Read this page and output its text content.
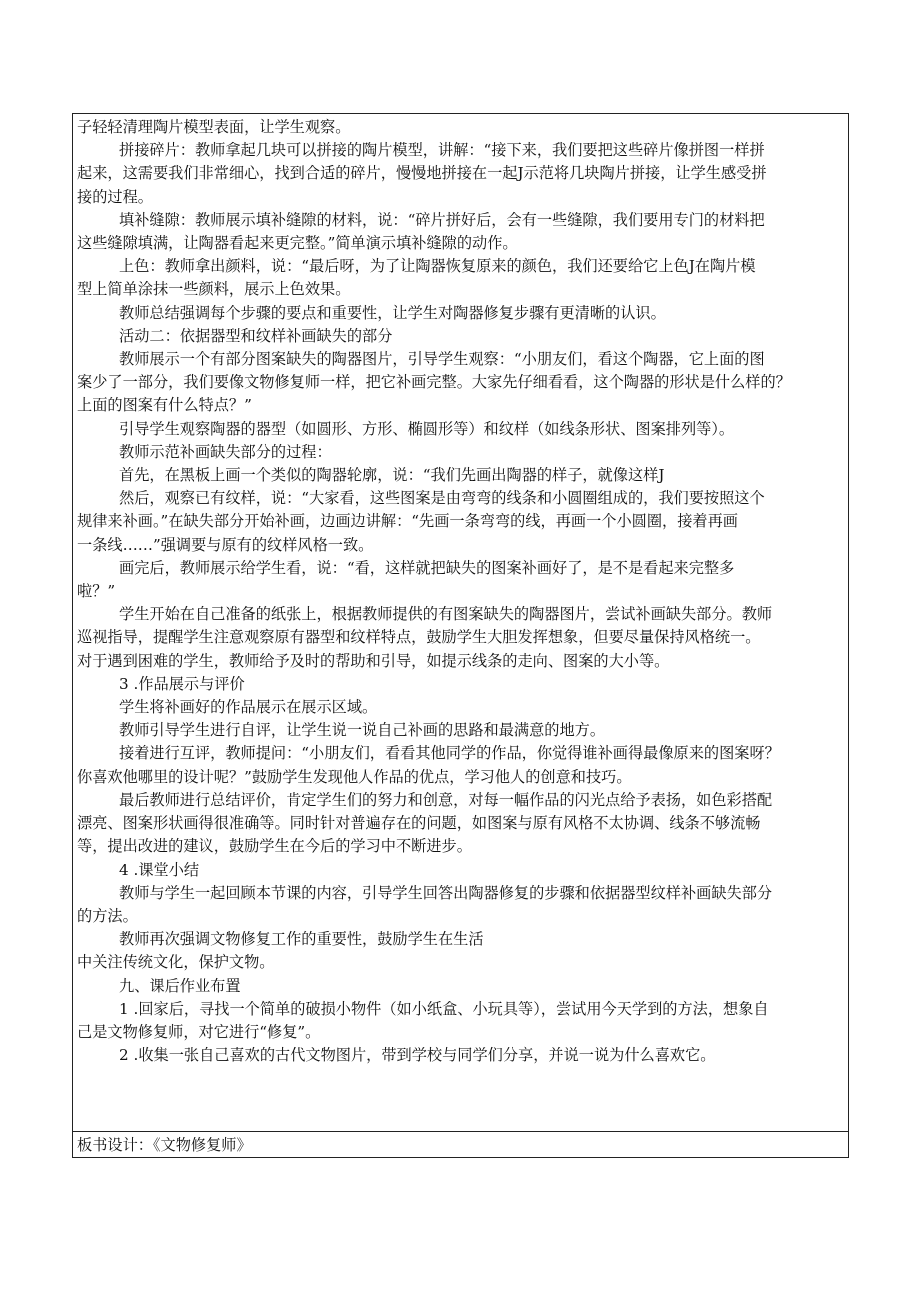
子轻轻清理陶片模型表面，让学生观察。
拼接碎片：教师拿起几块可以拼接的陶片模型，讲解：“接下来，我们要把这些碎片像拼图一样拼
起来，这需要我们非常细心，找到合适的碎片，慢慢地拼接在一起J示范将几块陶片拼接，让学生感受拼
接的过程。
填补缝隙：教师展示填补缝隙的材料，说：“碎片拼好后，会有一些缝隙，我们要用专门的材料把
这些缝隙填满，让陶器看起来更完整。”简单演示填补缝隙的动作。
上色：教师拿出颜料，说：“最后呀，为了让陶器恢复原来的颜色，我们还要给它上色J在陶片模
型上简单涂抹一些颜料，展示上色效果。
教师总结强调每个步骤的要点和重要性，让学生对陶器修复步骤有更清晰的认识。
活动二：依据器型和纹样补画缺失的部分
教师展示一个有部分图案缺失的陶器图片，引导学生观察：“小朋友们，看这个陶器，它上面的图
案少了一部分，我们要像文物修复师一样，把它补画完整。大家先仔细看看，这个陶器的形状是什么样的？
上面的图案有什么特点？”
引导学生观察陶器的器型（如圆形、方形、椭圆形等）和纹样（如线条形状、图案排列等）。
教师示范补画缺失部分的过程：
首先，在黑板上画一个类似的陶器轮廓，说：“我们先画出陶器的样子，就像这样J
然后，观察已有纹样，说：“大家看，这些图案是由弯弯的线条和小圆圈组成的，我们要按照这个
规律来补画。”在缺失部分开始补画，边画边讲解：“先画一条弯弯的线，再画一个小圆圈，接着再画
一条线……”强调要与原有的纹样风格一致。
画完后，教师展示给学生看，说：“看，这样就把缺失的图案补画好了，是不是看起来完整多
啦？”
学生开始在自己准备的纸张上，根据教师提供的有图案缺失的陶器图片，尝试补画缺失部分。教师
巡视指导，提醒学生注意观察原有器型和纹样特点，鼓励学生大胆发挥想象，但要尽量保持风格统一。
对于遇到困难的学生，教师给予及时的帮助和引导，如提示线条的走向、图案的大小等。
3 .作品展示与评价
学生将补画好的作品展示在展示区域。
教师引导学生进行自评，让学生说一说自己补画的思路和最满意的地方。
接着进行互评，教师提问：“小朋友们，看看其他同学的作品，你觉得谁补画得最像原来的图案呀？
你喜欢他哪里的设计呢？”鼓励学生发现他人作品的优点，学习他人的创意和技巧。
最后教师进行总结评价，肯定学生们的努力和创意，对每一幅作品的闪光点给予表扬，如色彩搭配
漂亮、图案形状画得很准确等。同时针对普遍存在的问题，如图案与原有风格不太协调、线条不够流畅
等，提出改进的建议，鼓励学生在今后的学习中不断进步。
4 .课堂小结
教师与学生一起回顾本节课的内容，引导学生回答出陶器修复的步骤和依据器型纹样补画缺失部分
的方法。
教师再次强调文物修复工作的重要性，鼓励学生在生活
中关注传统文化，保护文物。
九、课后作业布置
1 .回家后，寻找一个简单的破损小物件（如小纸盒、小玩具等），尝试用今天学到的方法，想象自
己是文物修复师，对它进行“修复”。
2 .收集一张自己喜欢的古代文物图片，带到学校与同学们分享，并说一说为什么喜欢它。
板书设计：《文物修复师》
